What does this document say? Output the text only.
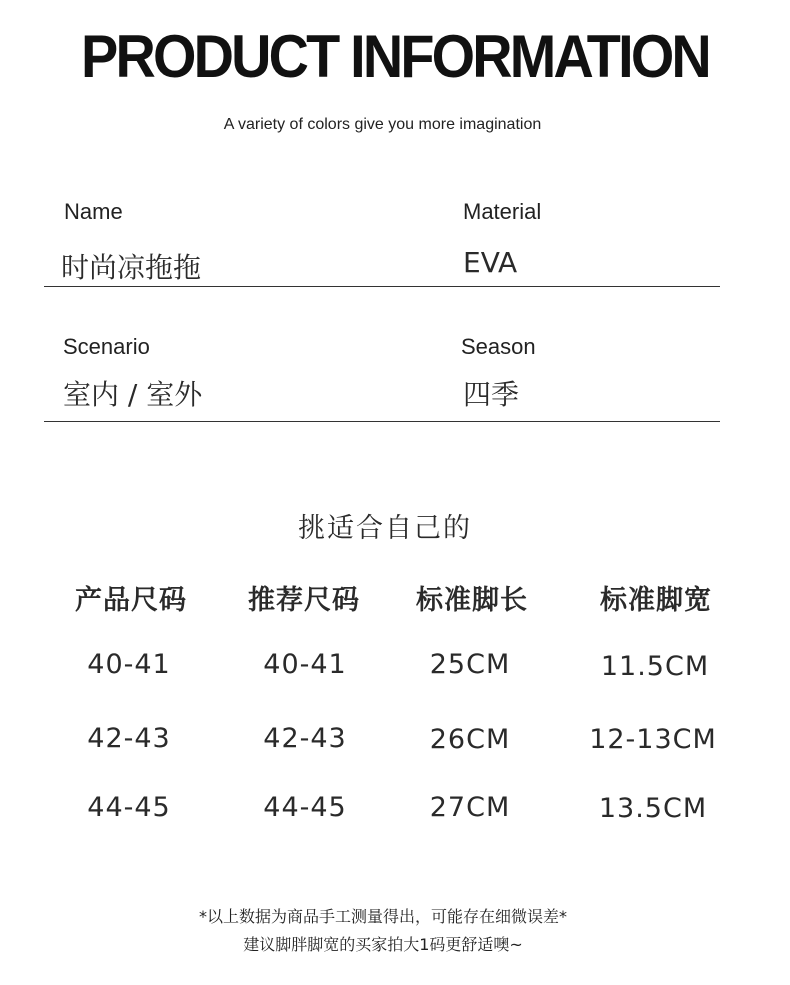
PRODUCT INFORMATION
A variety of colors give you more imagination
Name
时尚凉拖拖
Material
EVA
Scenario
室内 / 室外
Season
四季
挑适合自己的
产品尺码	推荐尺码	标准脚长	标准脚宽
40-41	40-41	25CM	11.5CM
42-43	42-43	26CM	12-13CM
44-45	44-45	27CM	13.5CM
*以上数据为商品手工测量得出，可能存在细微误差*
建议脚胖脚宽的买家拍大1码更舒适噢~
